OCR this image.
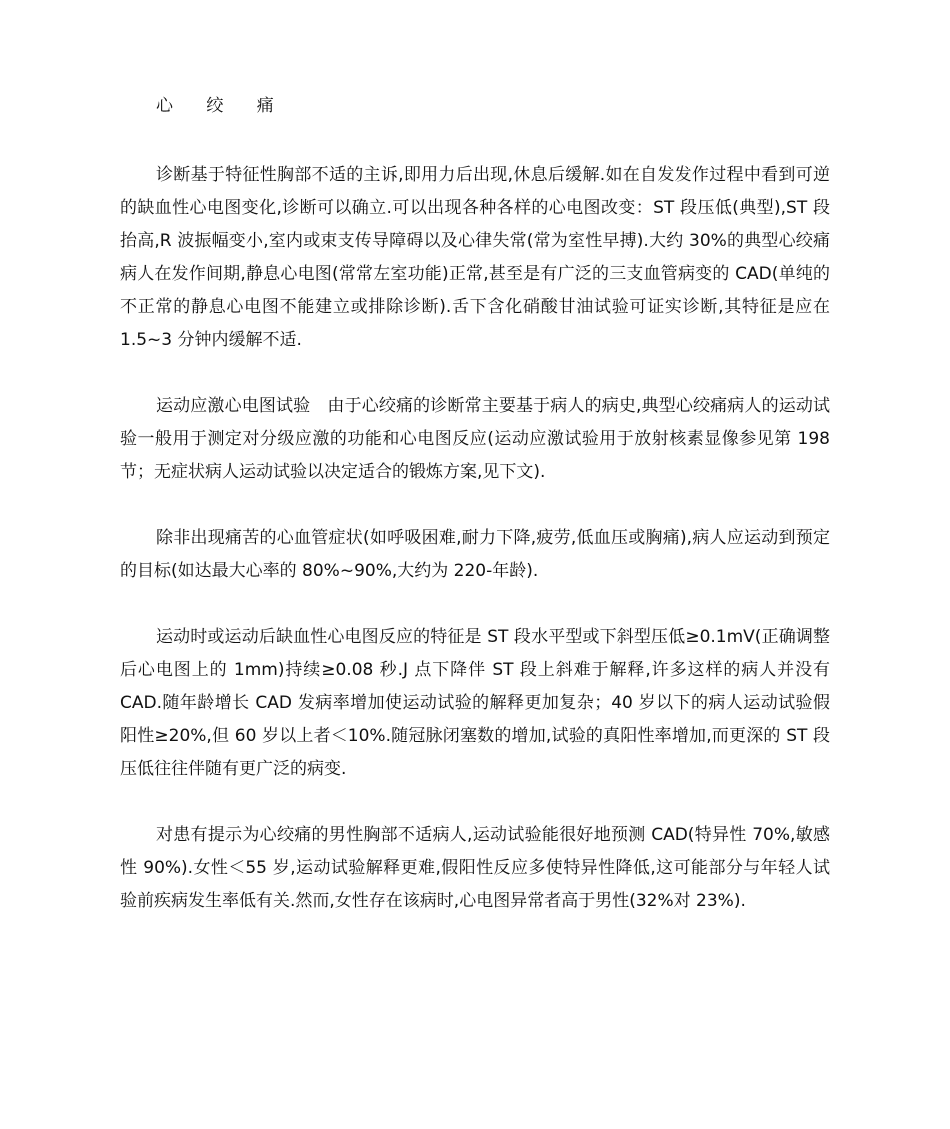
心 绞 痛

诊断基于特征性胸部不适的主诉,即用力后出现,休息后缓解.如在自发发作过程中看到可逆的缺血性心电图变化,诊断可以确立.可以出现各种各样的心电图改变：ST 段压低(典型),ST 段抬高,R 波振幅变小,室内或束支传导障碍以及心律失常(常为室性早搏).大约 30%的典型心绞痛病人在发作间期,静息心电图(常常左室功能)正常,甚至是有广泛的三支血管病变的 CAD(单纯的不正常的静息心电图不能建立或排除诊断).舌下含化硝酸甘油试验可证实诊断,其特征是应在 1.5~3 分钟内缓解不适.

运动应激心电图试验　由于心绞痛的诊断常主要基于病人的病史,典型心绞痛病人的运动试验一般用于测定对分级应激的功能和心电图反应(运动应激试验用于放射核素显像参见第 198 节；无症状病人运动试验以决定适合的锻炼方案,见下文).

除非出现痛苦的心血管症状(如呼吸困难,耐力下降,疲劳,低血压或胸痛),病人应运动到预定的目标(如达最大心率的 80%~90%,大约为 220-年龄).

运动时或运动后缺血性心电图反应的特征是 ST 段水平型或下斜型压低≥0.1mV(正确调整后心电图上的 1mm)持续≥0.08 秒.J 点下降伴 ST 段上斜难于解释,许多这样的病人并没有 CAD.随年龄增长 CAD 发病率增加使运动试验的解释更加复杂；40 岁以下的病人运动试验假阳性≥20%,但 60 岁以上者＜10%.随冠脉闭塞数的增加,试验的真阳性率增加,而更深的 ST 段压低往往伴随有更广泛的病变.

对患有提示为心绞痛的男性胸部不适病人,运动试验能很好地预测 CAD(特异性 70%,敏感性 90%).女性＜55 岁,运动试验解释更难,假阳性反应多使特异性降低,这可能部分与年轻人试验前疾病发生率低有关.然而,女性存在该病时,心电图异常者高于男性(32%对 23%).
